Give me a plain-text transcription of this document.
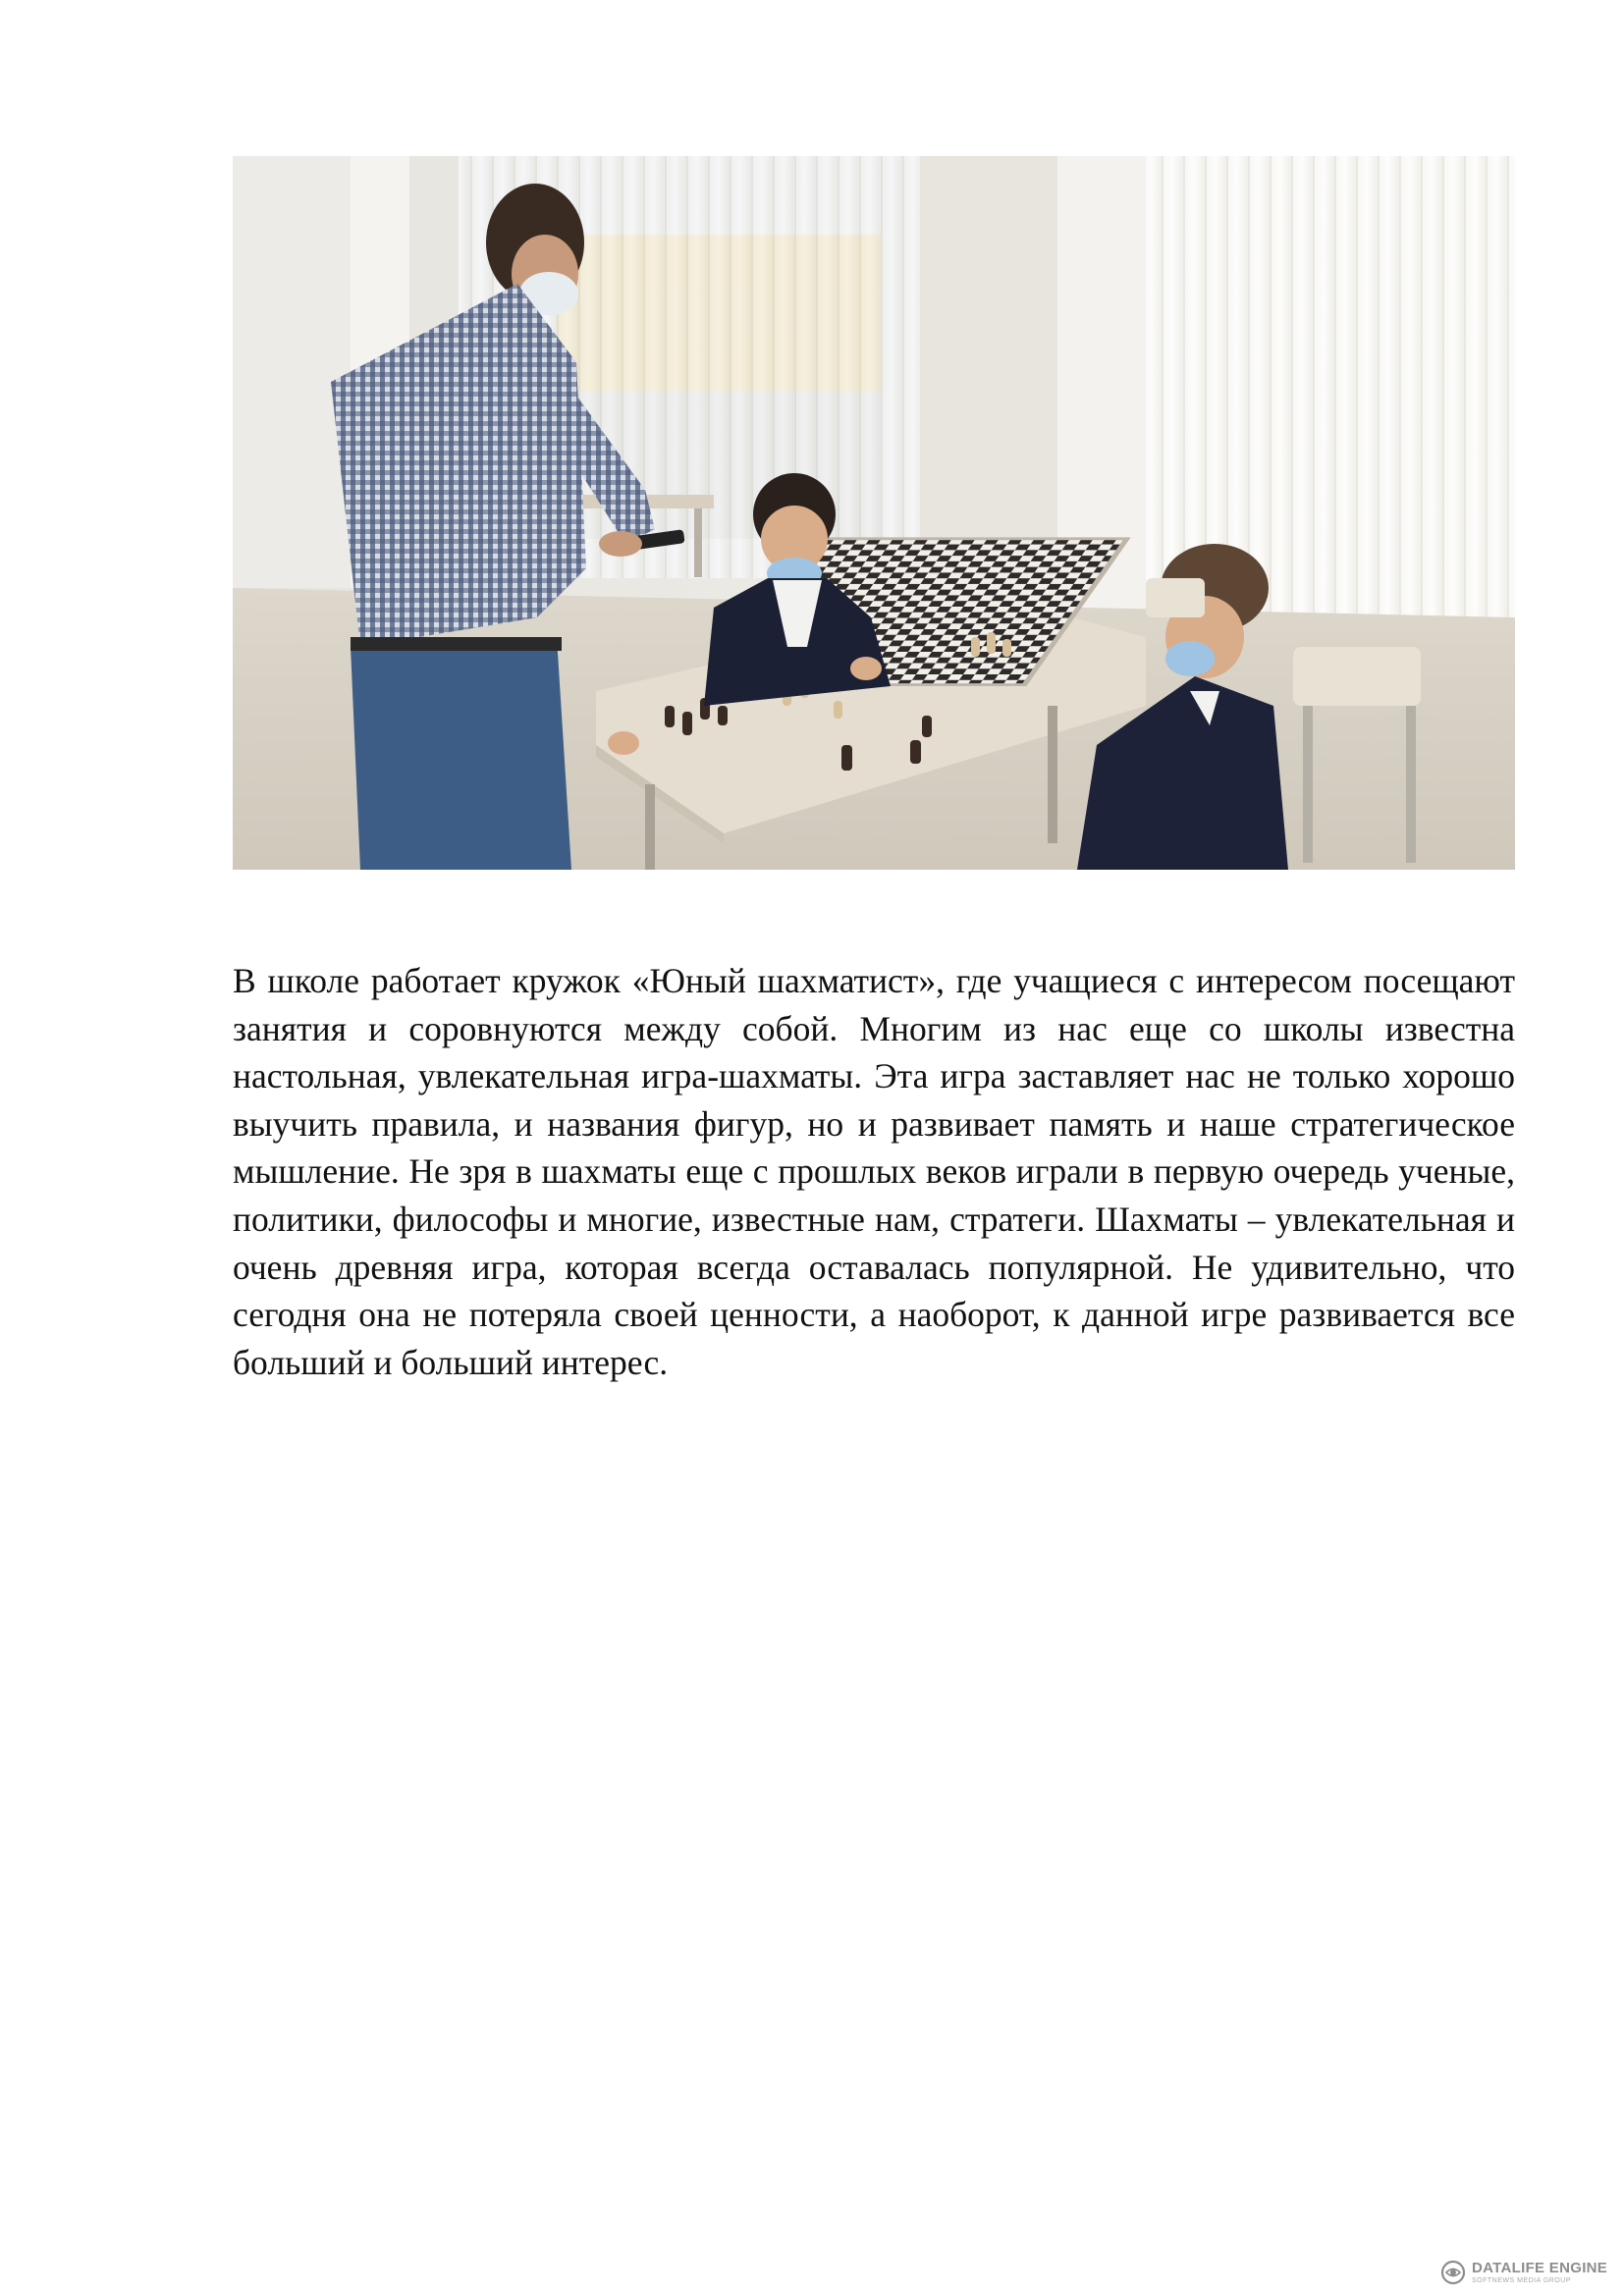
В школе работает кружок «Юный шахматист», где учащиеся с интересом посещают занятия и соровнуются между собой. Многим из нас еще со школы известна настольная, увлекательная игра-шахматы. Эта игра заставляет нас не только хорошо выучить правила, и названия фигур, но и развивает память и наше стратегическое мышление. Не зря в шахматы еще с прошлых веков играли в первую очередь ученые, политики, философы и многие, известные нам, стратеги. Шахматы – увлекательная и очень древняя игра, которая всегда оставалась популярной. Не удивительно, что сегодня она не потеряла своей ценности, а наоборот, к данной игре развивается все больший и больший интерес.

DATALIFE ENGINE
SOFTNEWS MEDIA GROUP
